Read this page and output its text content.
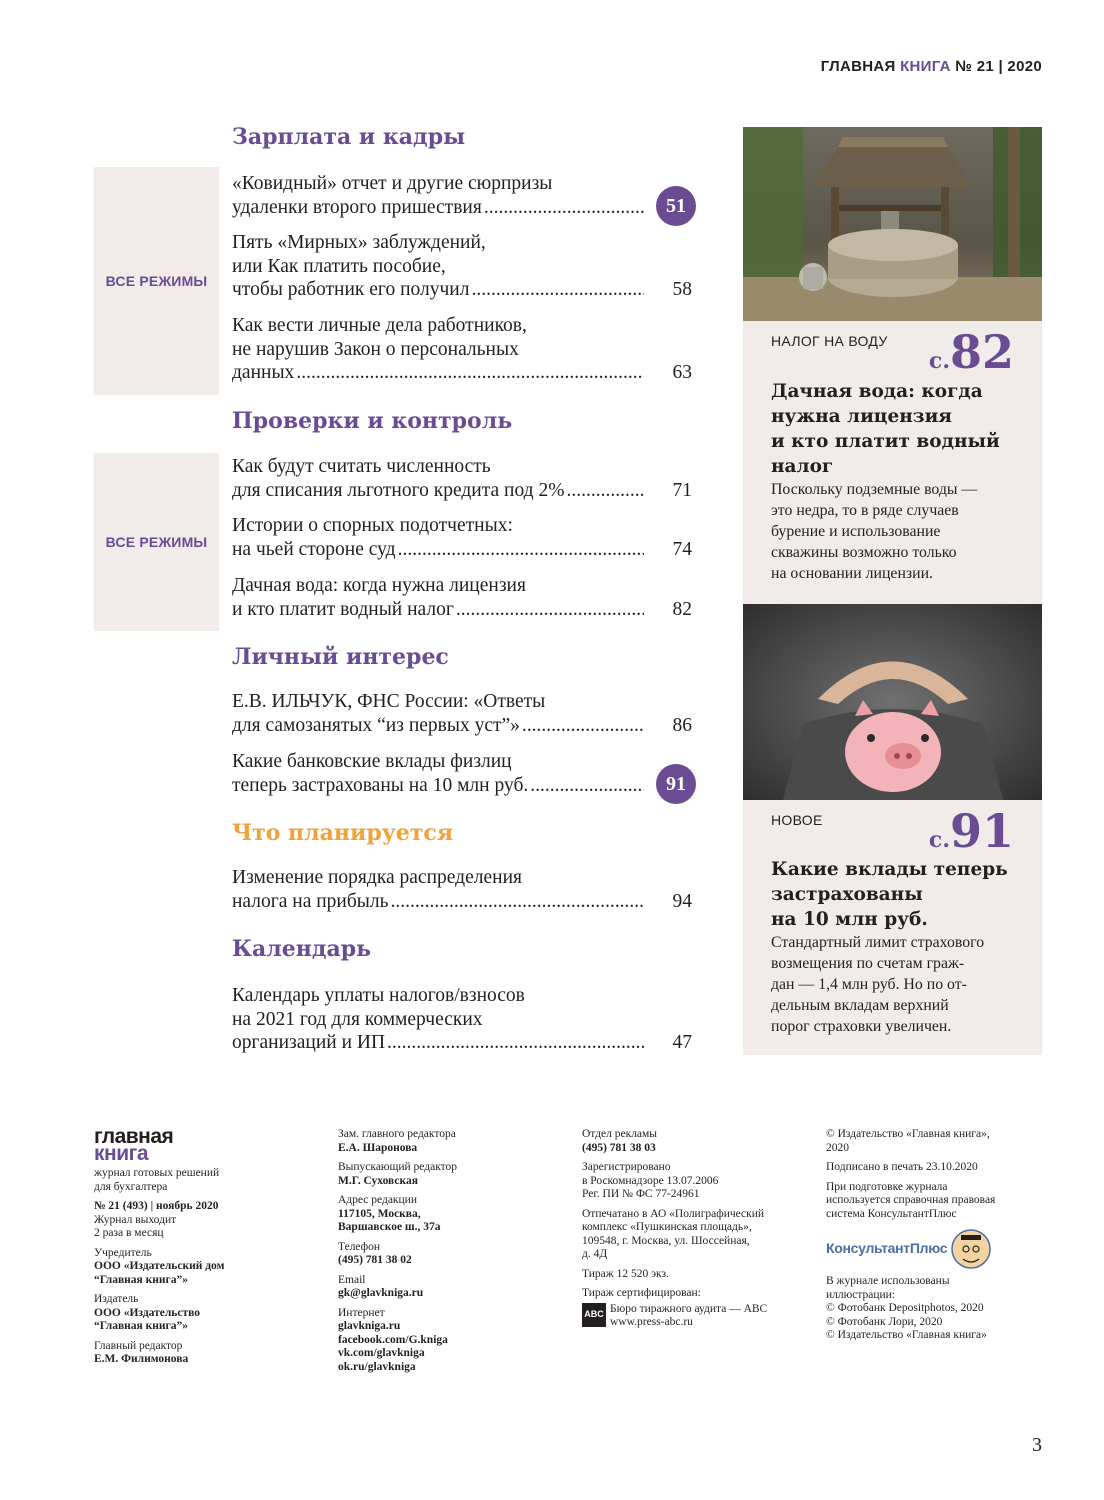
ГЛАВНАЯ КНИГА № 21 | 2020
Зарплата и кадры
ВСЕ РЕЖИМЫ
«Ковидный» отчет и другие сюрпризы
удаленки второго пришествия .....	51
Пять «Мирных» заблуждений,
или Как платить пособие,
чтобы работник его получил .....	58
Как вести личные дела работников,
не нарушив Закон о персональных
данных .....	63
Проверки и контроль
ВСЕ РЕЖИМЫ
Как будут считать численность
для списания льготного кредита под 2% .....	71
Истории о спорных подотчетных:
на чьей стороне суд .....	74
Дачная вода: когда нужна лицензия
и кто платит водный налог .....	82
Личный интерес
Е.В. ИЛЬЧУК, ФНС России: «Ответы
для самозанятых “из первых уст”» .....	86
Какие банковские вклады физлиц
теперь застрахованы на 10 млн руб. .....	91
Что планируется
Изменение порядка распределения
налога на прибыль .....	94
Календарь
Календарь уплаты налогов/взносов
на 2021 год для коммерческих
организаций и ИП .....	47
НАЛОГ НА ВОДУ
с.82
Дачная вода: когда
нужна лицензия
и кто платит водный
налог
Поскольку подземные воды —
это недра, то в ряде случаев
бурение и использование
скважины возможно только
на основании лицензии.
НОВОЕ
с.91
Какие вклады теперь
застрахованы
на 10 млн руб.
Стандартный лимит страхового
возмещения по счетам граж-
дан — 1,4 млн руб. Но по от-
дельным вкладам верхний
порог страховки увеличен.
главная
книга
журнал готовых решений
для бухгалтера
№ 21 (493) | ноябрь 2020
Журнал выходит
2 раза в месяц
Учредитель
ООО «Издательский дом
“Главная книга”»
Издатель
ООО «Издательство
“Главная книга”»
Главный редактор
Е.М. Филимонова
Зам. главного редактора
Е.А. Шаронова
Выпускающий редактор
М.Г. Суховская
Адрес редакции
117105, Москва,
Варшавское ш., 37а
Телефон
(495) 781 38 02
Email
gk@glavkniga.ru
Интернет
glavkniga.ru
facebook.com/G.kniga
vk.com/glavkniga
ok.ru/glavkniga
Отдел рекламы
(495) 781 38 03
Зарегистрировано
в Роскомнадзоре 13.07.2006
Рег. ПИ № ФС 77-24961
Отпечатано в АО «Полиграфический
комплекс «Пушкинская площадь»,
109548, г. Москва, ул. Шоссейная,
д. 4Д
Тираж 12 520 экз.
Тираж сертифицирован:
ABC Бюро тиражного аудита — ABC
www.press-abc.ru
© Издательство «Главная книга»,
2020
Подписано в печать 23.10.2020
При подготовке журнала
используется справочная правовая
система КонсультантПлюс
КонсультантПлюс
В журнале использованы
иллюстрации:
© Фотобанк Depositphotos, 2020
© Фотобанк Лори, 2020
© Издательство «Главная книга»
3
